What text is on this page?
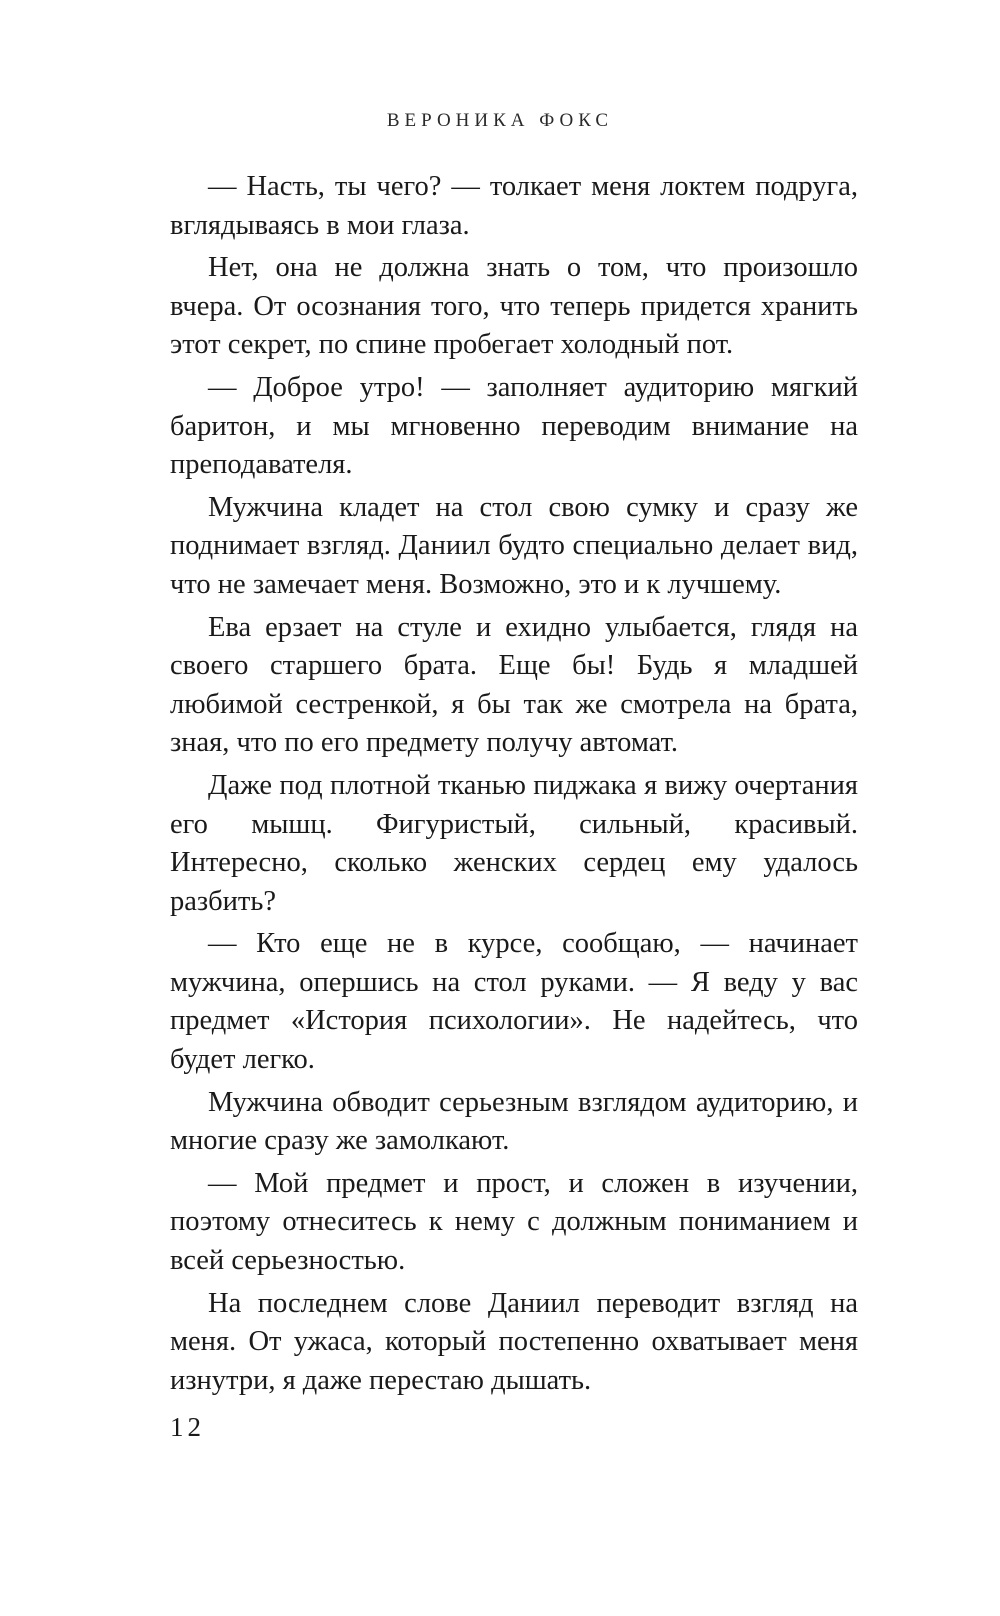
ВЕРОНИКА ФОКС

— Насть, ты чего? — толкает меня локтем подруга, вглядываясь в мои глаза.

Нет, она не должна знать о том, что произошло вчера. От осознания того, что теперь придется хранить этот секрет, по спине пробегает холодный пот.

— Доброе утро! — заполняет аудиторию мягкий баритон, и мы мгновенно переводим внимание на преподавателя.

Мужчина кладет на стол свою сумку и сразу же поднимает взгляд. Даниил будто специально делает вид, что не замечает меня. Возможно, это и к лучшему.

Ева ерзает на стуле и ехидно улыбается, глядя на своего старшего брата. Еще бы! Будь я младшей любимой сестренкой, я бы так же смотрела на брата, зная, что по его предмету получу автомат.

Даже под плотной тканью пиджака я вижу очертания его мышц. Фигуристый, сильный, красивый. Интересно, сколько женских сердец ему удалось разбить?

— Кто еще не в курсе, сообщаю, — начинает мужчина, опершись на стол руками. — Я веду у вас предмет «История психологии». Не надейтесь, что будет легко.

Мужчина обводит серьезным взглядом аудиторию, и многие сразу же замолкают.

— Мой предмет и прост, и сложен в изучении, поэтому отнеситесь к нему с должным пониманием и всей серьезностью.

На последнем слове Даниил переводит взгляд на меня. От ужаса, который постепенно охватывает меня изнутри, я даже перестаю дышать.

12
